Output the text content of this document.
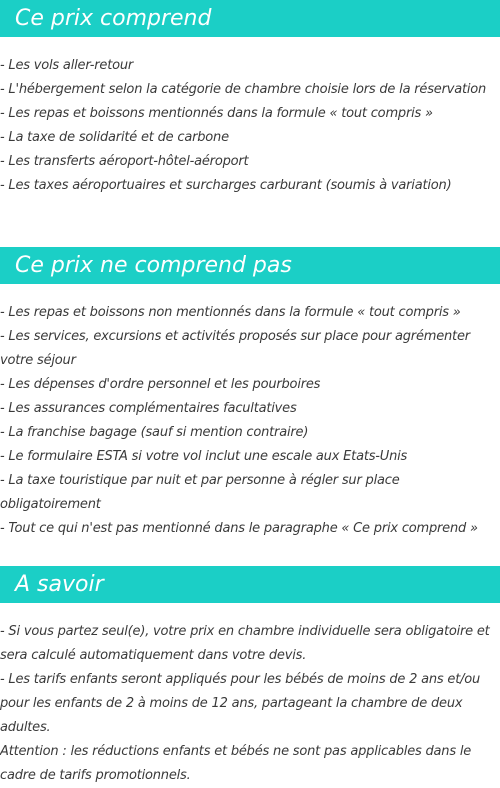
Ce prix comprend
- Les vols aller-retour
- L'hébergement selon la catégorie de chambre choisie lors de la réservation
- Les repas et boissons mentionnés dans la formule « tout compris »
- La taxe de solidarité et de carbone
- Les transferts aéroport-hôtel-aéroport
- Les taxes aéroportuaires et surcharges carburant (soumis à variation)
Ce prix ne comprend pas
- Les repas et boissons non mentionnés dans la formule « tout compris »
- Les services, excursions et activités proposés sur place pour agrémenter votre séjour
- Les dépenses d'ordre personnel et les pourboires
- Les assurances complémentaires facultatives
- La franchise bagage (sauf si mention contraire)
- Le formulaire ESTA si votre vol inclut une escale aux Etats-Unis
- La taxe touristique par nuit et par personne à régler sur place obligatoirement
- Tout ce qui n'est pas mentionné dans le paragraphe « Ce prix comprend »
A savoir

- Si vous partez seul(e), votre prix en chambre individuelle sera obligatoire et sera calculé automatiquement dans votre devis.

- Les tarifs enfants seront appliqués pour les bébés de moins de 2 ans et/ou pour les enfants de 2 à moins de 12 ans, partageant la chambre de deux adultes.

Attention : les réductions enfants et bébés ne sont pas applicables dans le cadre de tarifs promotionnels.
